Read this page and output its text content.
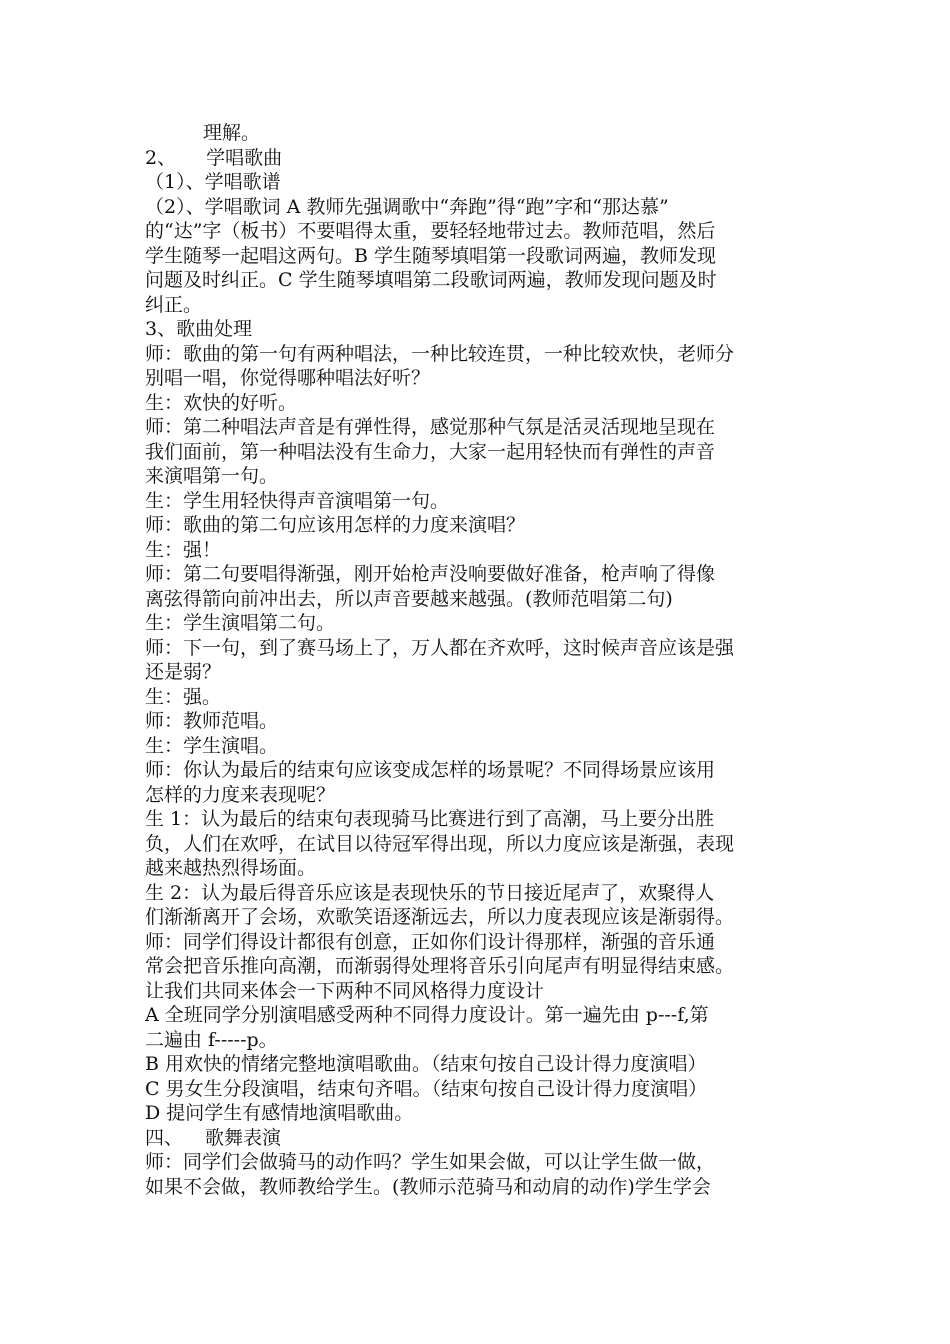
理解。
2、 学唱歌曲
（1）、学唱歌谱
（2）、学唱歌词 A 教师先强调歌中“奔跑”得“跑”字和“那达慕”
的“达”字（板书）不要唱得太重，要轻轻地带过去。教师范唱，然后
学生随琴一起唱这两句。B 学生随琴填唱第一段歌词两遍，教师发现
问题及时纠正。C 学生随琴填唱第二段歌词两遍，教师发现问题及时
纠正。
3、歌曲处理
师：歌曲的第一句有两种唱法，一种比较连贯，一种比较欢快，老师分
别唱一唱，你觉得哪种唱法好听？
生：欢快的好听。
师：第二种唱法声音是有弹性得，感觉那种气氛是活灵活现地呈现在
我们面前，第一种唱法没有生命力，大家一起用轻快而有弹性的声音
来演唱第一句。
生：学生用轻快得声音演唱第一句。
师：歌曲的第二句应该用怎样的力度来演唱？
生：强！
师：第二句要唱得渐强，刚开始枪声没响要做好准备，枪声响了得像
离弦得箭向前冲出去，所以声音要越来越强。(教师范唱第二句)
生：学生演唱第二句。
师：下一句，到了赛马场上了，万人都在齐欢呼，这时候声音应该是强
还是弱？
生：强。
师：教师范唱。
生：学生演唱。
师：你认为最后的结束句应该变成怎样的场景呢？不同得场景应该用
怎样的力度来表现呢？
生 1：认为最后的结束句表现骑马比赛进行到了高潮，马上要分出胜
负，人们在欢呼，在试目以待冠军得出现，所以力度应该是渐强，表现
越来越热烈得场面。
生 2：认为最后得音乐应该是表现快乐的节日接近尾声了，欢聚得人
们渐渐离开了会场，欢歌笑语逐渐远去，所以力度表现应该是渐弱得。
师：同学们得设计都很有创意，正如你们设计得那样，渐强的音乐通
常会把音乐推向高潮，而渐弱得处理将音乐引向尾声有明显得结束感。
让我们共同来体会一下两种不同风格得力度设计
A 全班同学分别演唱感受两种不同得力度设计。第一遍先由 p---f,第
二遍由 f-----p。
B 用欢快的情绪完整地演唱歌曲。（结束句按自己设计得力度演唱）
C 男女生分段演唱，结束句齐唱。（结束句按自己设计得力度演唱）
D 提问学生有感情地演唱歌曲。
四、 歌舞表演
师：同学们会做骑马的动作吗？学生如果会做，可以让学生做一做，
如果不会做，教师教给学生。(教师示范骑马和动肩的动作)学生学会
